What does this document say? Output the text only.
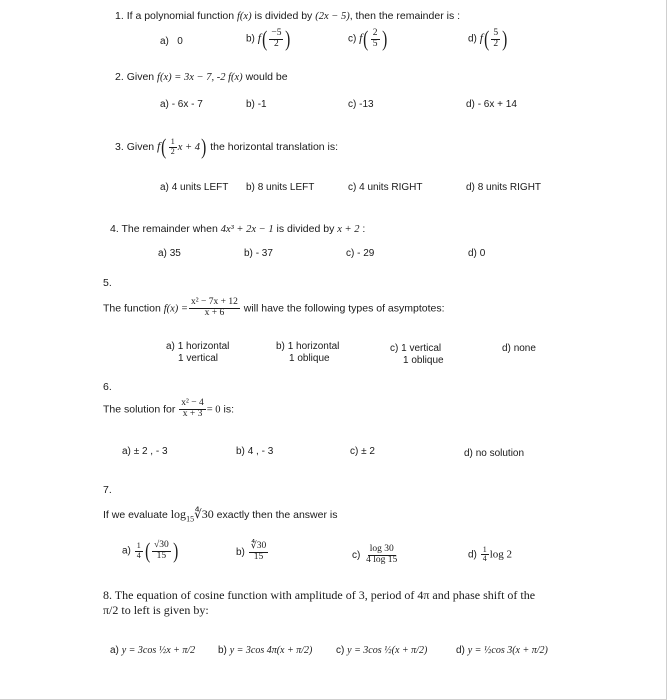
1. If a polynomial function f(x) is divided by (2x − 5), then the remainder is :
a) 0	b) $f( \frac{-5}{2}$ )	c) $f( \frac{2}{5}$ )	d) $f( \frac{5}{2}$ )
2. Given f(x) = 3x − 7, -2 f(x) would be
a) - 6x - 7	b) -1	c) -13	d) - 6x + 14
3. Given $f( \frac{1}{2}$ x + 4) the horizontal translation is:
a) 4 units LEFT b) 8 units LEFT	c) 4 units RIGHT	d) 8 units RIGHT
4. The remainder when 4x³ + 2x − 1 is divided by x + 2 :
a) 35	b) - 37	c) - 29	d) 0
5.
The function $f(x) = \frac{\text{x² − 7x + 12}}{x + 6}$ will have the following types of asymptotes:
a) 1 horizontal
1 vertical
b) 1 horizontal
1 oblique
c) 1 vertical
1 oblique
d) none
6.
The solution for $\frac{\text{x² − 4}}{x + 3} = 0$ is:
a) ± 2 , - 3	b) 4 , - 3	c) ± 2	d) no solution
7.
If we evaluate $\log_{15}∜30$ exactly then the answer is
$a) \frac{1}{4}$ ( $\frac{√30}{15}$ )	$b) \frac{∜30}{15}$	$c) \frac{\log 30}{4 \log 15}$	$d) \frac{1}{4}$ log 2
8. The equation of cosine function with amplitude of 3, period of 4π and phase shift of the π/2 to left is given by:
a) y = 3cos ½x + π/2 b) y = 3cos 4π(x + π/2) c) y = 3cos ½(x + π/2)	d) y = ½cos 3(x + π/2)
